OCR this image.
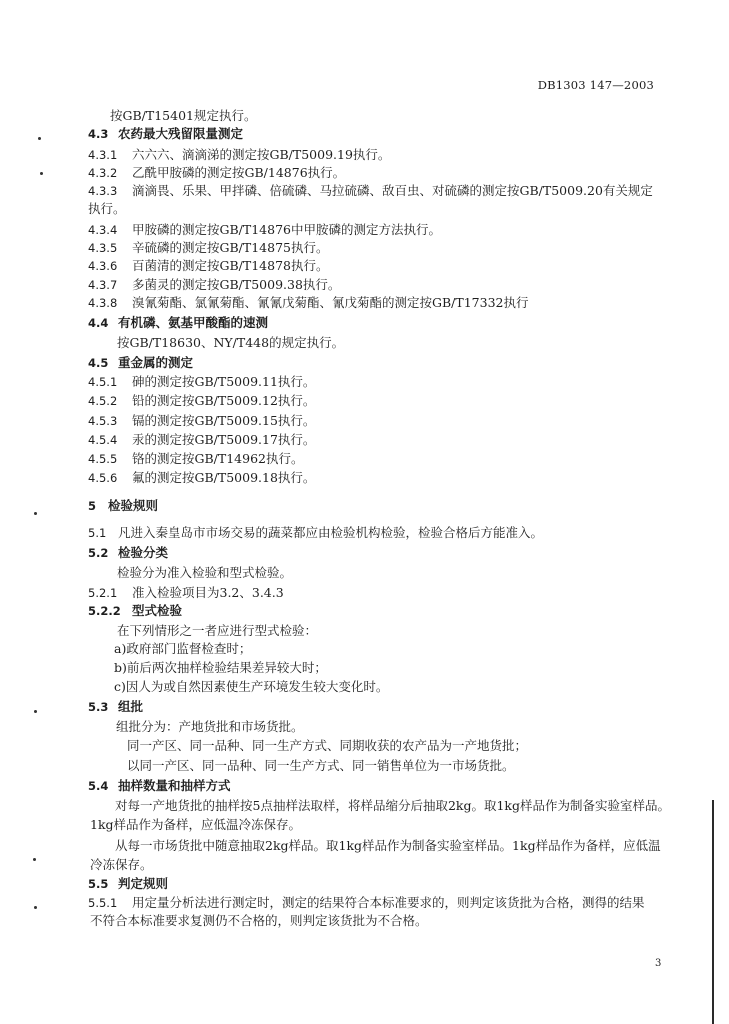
DB1303 147—2003
按GB/T15401规定执行。
4.3 农药最大残留限量测定
4.3.1 六六六、滴滴涕的测定按GB/T5009.19执行。
4.3.2 乙酰甲胺磷的测定按GB/14876执行。
4.3.3 滴滴畏、乐果、甲拌磷、倍硫磷、马拉硫磷、敌百虫、对硫磷的测定按GB/T5009.20有关规定
执行。
4.3.4 甲胺磷的测定按GB/T14876中甲胺磷的测定方法执行。
4.3.5 辛硫磷的测定按GB/T14875执行。
4.3.6 百菌清的测定按GB/T14878执行。
4.3.7 多菌灵的测定按GB/T5009.38执行。
4.3.8 溴氰菊酯、氯氰菊酯、氰氰戊菊酯、氰戊菊酯的测定按GB/T17332执行
4.4 有机磷、氨基甲酸酯的速测
按GB/T18630、NY/T448的规定执行。
4.5 重金属的测定
4.5.1 砷的测定按GB/T5009.11执行。
4.5.2 铅的测定按GB/T5009.12执行。
4.5.3 镉的测定按GB/T5009.15执行。
4.5.4 汞的测定按GB/T5009.17执行。
4.5.5 铬的测定按GB/T14962执行。
4.5.6 氟的测定按GB/T5009.18执行。
5 检验规则
5.1 凡进入秦皇岛市市场交易的蔬菜都应由检验机构检验，检验合格后方能准入。
5.2 检验分类
检验分为准入检验和型式检验。
5.2.1 准入检验项目为3.2、3.4.3
5.2.2 型式检验
在下列情形之一者应进行型式检验：
a)政府部门监督检查时；
b)前后两次抽样检验结果差异较大时；
c)因人为或自然因素使生产环境发生较大变化时。
5.3 组批
组批分为：产地货批和市场货批。
同一产区、同一品种、同一生产方式、同期收获的农产品为一产地货批；
以同一产区、同一品种、同一生产方式、同一销售单位为一市场货批。
5.4 抽样数量和抽样方式
对每一产地货批的抽样按5点抽样法取样，将样品缩分后抽取2kg。取1kg样品作为制备实验室样品。
1kg样品作为备样，应低温冷冻保存。
从每一市场货批中随意抽取2kg样品。取1kg样品作为制备实验室样品。1kg样品作为备样，应低温
冷冻保存。
5.5 判定规则
5.5.1 用定量分析法进行测定时，测定的结果符合本标准要求的，则判定该货批为合格，测得的结果
不符合本标准要求复测仍不合格的，则判定该货批为不合格。
3
